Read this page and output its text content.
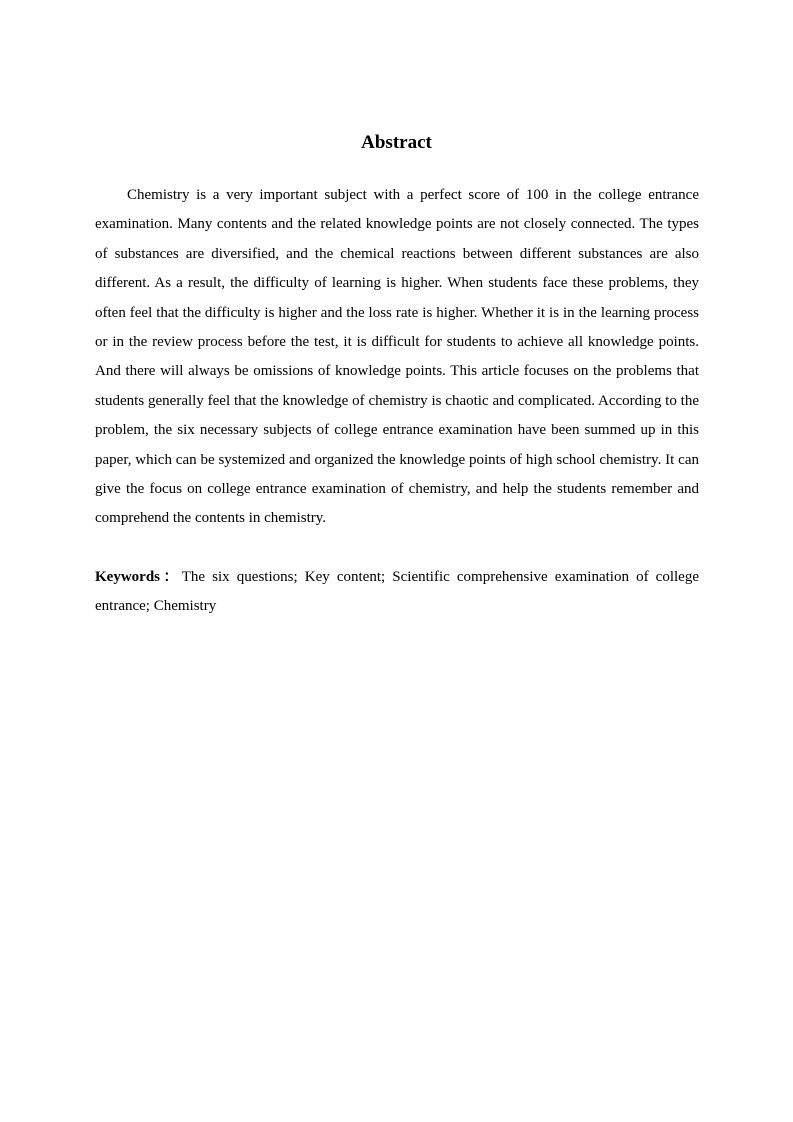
Abstract

Chemistry is a very important subject with a perfect score of 100 in the college entrance examination. Many contents and the related knowledge points are not closely connected. The types of substances are diversified, and the chemical reactions between different substances are also different. As a result, the difficulty of learning is higher. When students face these problems, they often feel that the difficulty is higher and the loss rate is higher. Whether it is in the learning process or in the review process before the test, it is difficult for students to achieve all knowledge points. And there will always be omissions of knowledge points. This article focuses on the problems that students generally feel that the knowledge of chemistry is chaotic and complicated. According to the problem, the six necessary subjects of college entrance examination have been summed up in this paper, which can be systemized and organized the knowledge points of high school chemistry. It can give the focus on college entrance examination of chemistry, and help the students remember and comprehend the contents in chemistry.

Keywords：The six questions; Key content; Scientific comprehensive examination of college entrance; Chemistry
